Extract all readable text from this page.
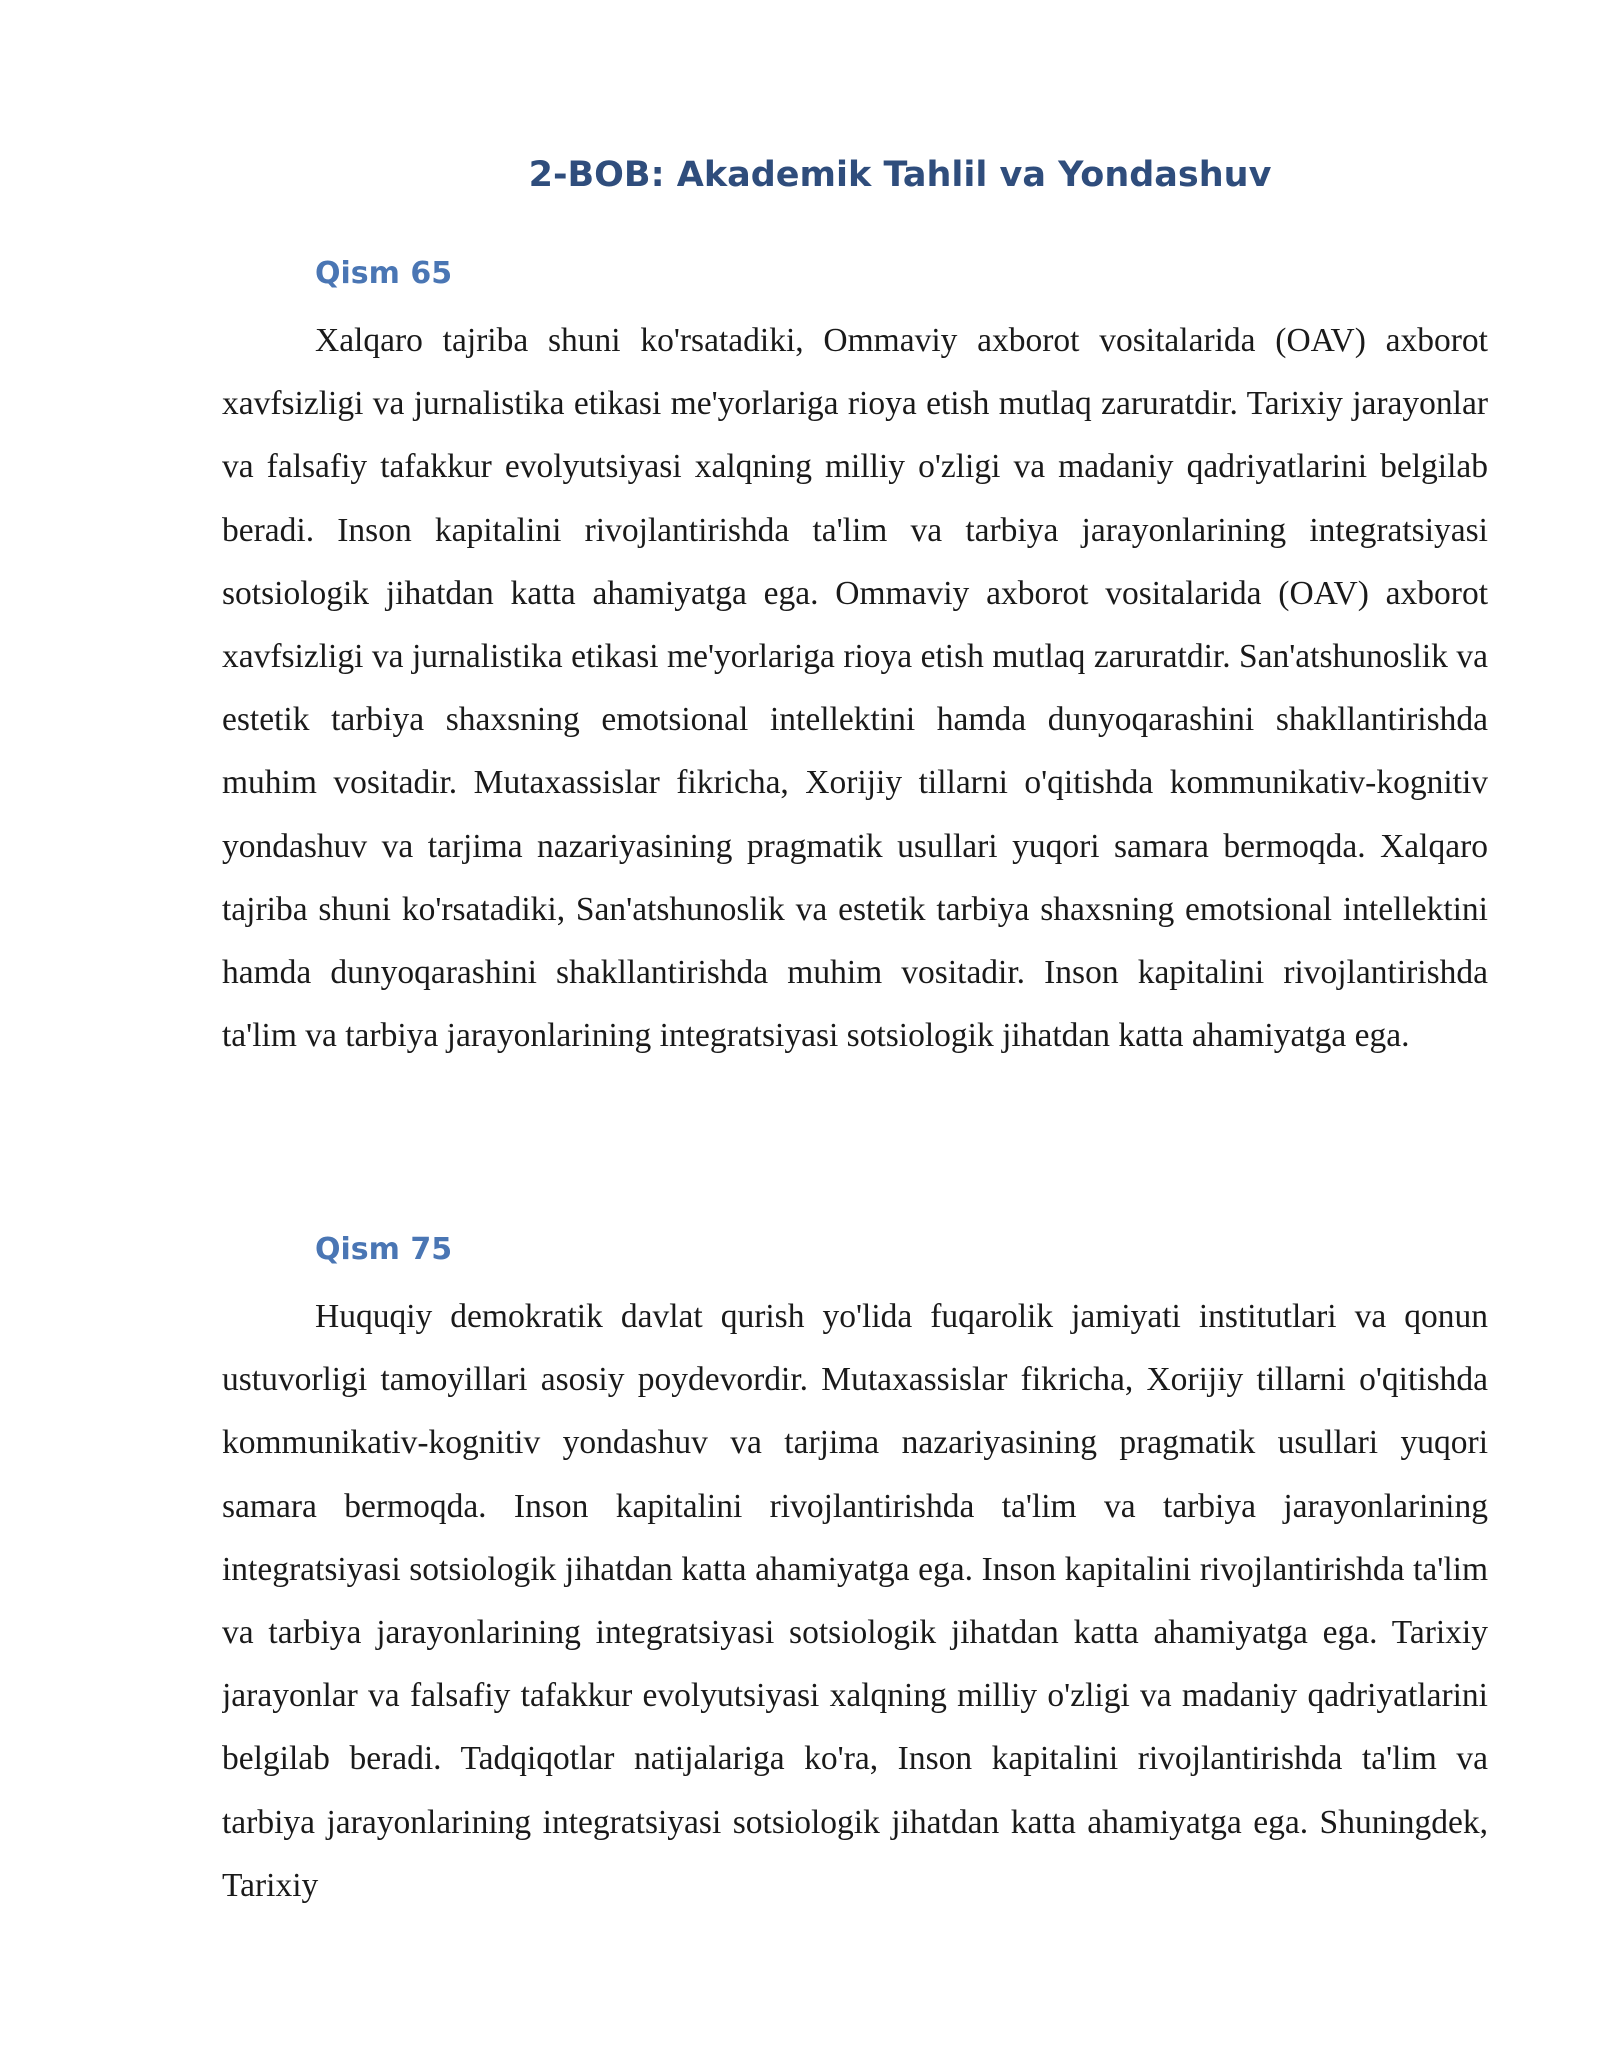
2-BOB: Akademik Tahlil va Yondashuv
Qism 65

Xalqaro tajriba shuni ko'rsatadiki, Ommaviy axborot vositalarida (OAV) axborot xavfsizligi va jurnalistika etikasi me'yorlariga rioya etish mutlaq zaruratdir. Tarixiy jarayonlar va falsafiy tafakkur evolyutsiyasi xalqning milliy o'zligi va madaniy qadriyatlarini belgilab beradi. Inson kapitalini rivojlantirishda ta'lim va tarbiya jarayonlarining integratsiyasi sotsiologik jihatdan katta ahamiyatga ega. Ommaviy axborot vositalarida (OAV) axborot xavfsizligi va jurnalistika etikasi me'yorlariga rioya etish mutlaq zaruratdir. San'atshunoslik va estetik tarbiya shaxsning emotsional intellektini hamda dunyoqarashini shakllantirishda muhim vositadir. Mutaxassislar fikricha, Xorijiy tillarni o'qitishda kommunikativ-kognitiv yondashuv va tarjima nazariyasining pragmatik usullari yuqori samara bermoqda. Xalqaro tajriba shuni ko'rsatadiki, San'atshunoslik va estetik tarbiya shaxsning emotsional intellektini hamda dunyoqarashini shakllantirishda muhim vositadir. Inson kapitalini rivojlantirishda ta'lim va tarbiya jarayonlarining integratsiyasi sotsiologik jihatdan katta ahamiyatga ega.

Qism 75

Huquqiy demokratik davlat qurish yo'lida fuqarolik jamiyati institutlari va qonun ustuvorligi tamoyillari asosiy poydevordir. Mutaxassislar fikricha, Xorijiy tillarni o'qitishda kommunikativ-kognitiv yondashuv va tarjima nazariyasining pragmatik usullari yuqori samara bermoqda. Inson kapitalini rivojlantirishda ta'lim va tarbiya jarayonlarining integratsiyasi sotsiologik jihatdan katta ahamiyatga ega. Inson kapitalini rivojlantirishda ta'lim va tarbiya jarayonlarining integratsiyasi sotsiologik jihatdan katta ahamiyatga ega. Tarixiy jarayonlar va falsafiy tafakkur evolyutsiyasi xalqning milliy o'zligi va madaniy qadriyatlarini belgilab beradi. Tadqiqotlar natijalariga ko'ra, Inson kapitalini rivojlantirishda ta'lim va tarbiya jarayonlarining integratsiyasi sotsiologik jihatdan katta ahamiyatga ega. Shuningdek, Tarixiy
